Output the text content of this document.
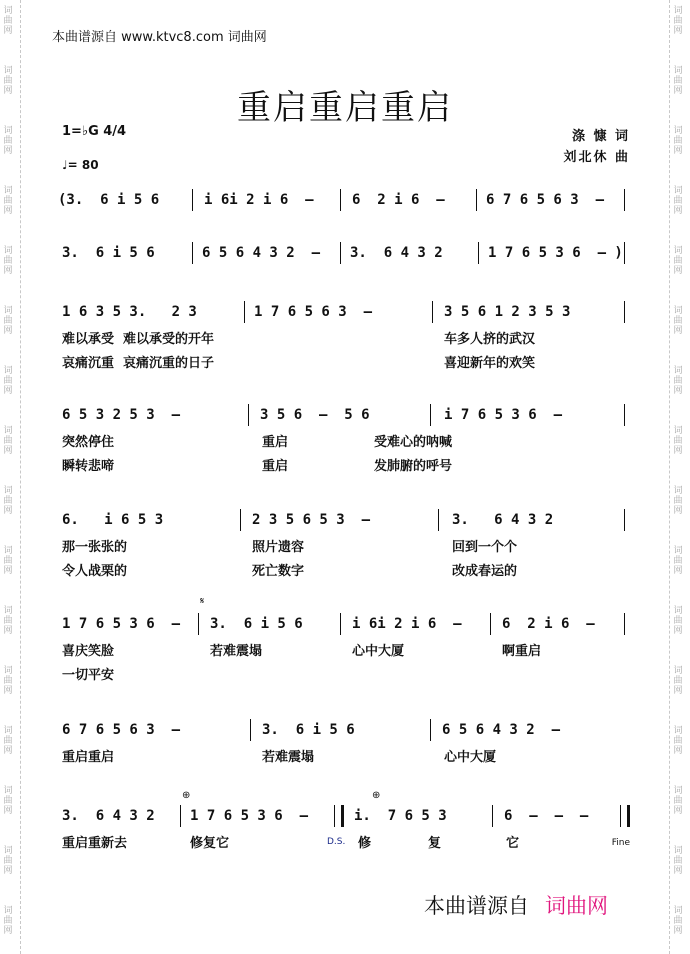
词
曲
网
词
曲
网
词
曲
网
词
曲
网
词
曲
网
词
曲
网
词
曲
网
词
曲
网
词
曲
网
词
曲
网
词
曲
网
词
曲
网
词
曲
网
词
曲
网
词
曲
网
词
曲
网
词
曲
网
词
曲
网
词
曲
网
词
曲
网
词
曲
网
词
曲
网
词
曲
网
词
曲
网
词
曲
网
词
曲
网
词
曲
网
词
曲
网
词
曲
网
词
曲
网
词
曲
网
词
曲
网
本曲谱源自 www.ktvc8.com 词曲网
重启重启重启
1=♭G 4/4
♩= 80
涤 慷 词
刘北休 曲
(3.  6 i 5 6	i 6i 2 i 6  –	6  2 i 6  –	6 7 6 5 6 3  –
3.  6 i 5 6	6 5 6 4 3 2  – 3.  6 4 3 2	1 7 6 5 3 6  – )
1 6 3 5 3.   2 3	1 7 6 5 6 3  –	3 5 6 1 2 3 5 3
难以承受  难以承受的开年	车多人挤的武汉
哀痛沉重  哀痛沉重的日子	喜迎新年的欢笑
6 5 3 2 5 3  –	3 5 6  –  5 6	i 7 6 5 3 6  –
突然停住	重启	受难心的呐喊
瞬转悲啼	重启	发肺腑的呼号
6.   i 6 5 3	2 3 5 6 5 3  –	3.   6 4 3 2
那一张张的	照片遗容	回到一个个
令人战栗的	死亡数字	改成春运的
𝄋
1 7 6 5 3 6  – 3.  6 i 5 6	i 6i 2 i 6  –	6  2 i 6  –
喜庆笑脸	若难震塌	心中大厦	啊重启
一切平安
6 7 6 5 6 3  –	3.  6 i 5 6	6 5 6 4 3 2  –
重启重启	若难震塌	心中大厦
⊕	⊕
3.  6 4 3 2	1 7 6 5 3 6  –	i.  7 6 5 3	6  –  –  –
重启重新去	修复它	修	复	它
D.S.	Fine
本曲谱源自 词曲网
